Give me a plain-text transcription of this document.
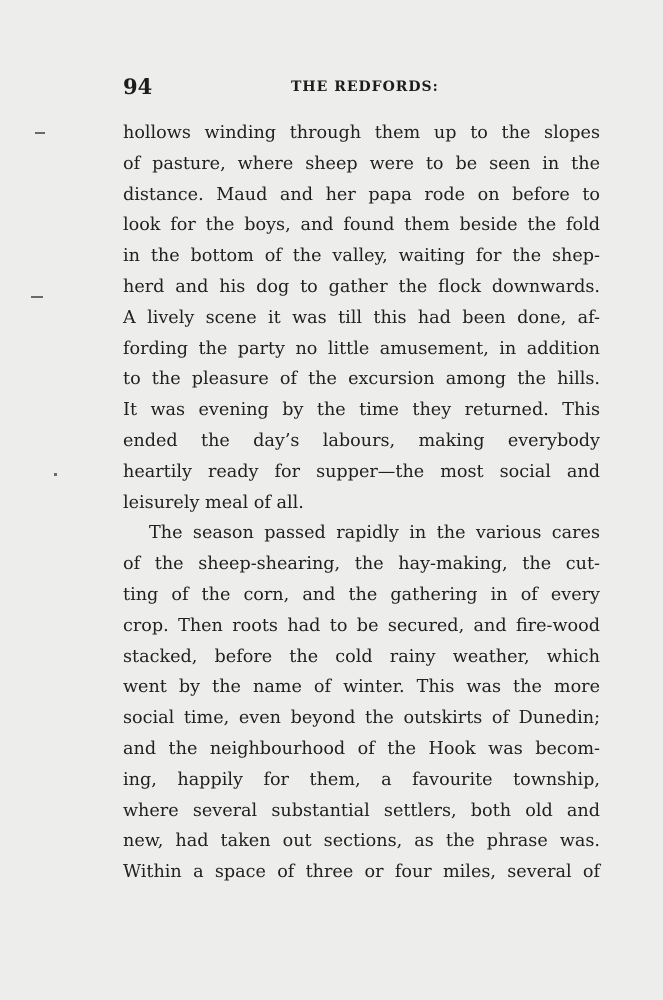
94	THE REDFORDS:
hollows winding through them up to the slopes
of pasture, where sheep were to be seen in the
distance. Maud and her papa rode on before to
look for the boys, and found them beside the fold
in the bottom of the valley, waiting for the shep-
herd and his dog to gather the flock downwards.
A lively scene it was till this had been done, af-
fording the party no little amusement, in addition
to the pleasure of the excursion among the hills.
It was evening by the time they returned. This
ended the day’s labours, making everybody
heartily ready for supper—the most social and
leisurely meal of all.
The season passed rapidly in the various cares
of the sheep-shearing, the hay-making, the cut-
ting of the corn, and the gathering in of every
crop. Then roots had to be secured, and fire-wood
stacked, before the cold rainy weather, which
went by the name of winter. This was the more
social time, even beyond the outskirts of Dunedin;
and the neighbourhood of the Hook was becom-
ing, happily for them, a favourite township,
where several substantial settlers, both old and
new, had taken out sections, as the phrase was.
Within a space of three or four miles, several of
